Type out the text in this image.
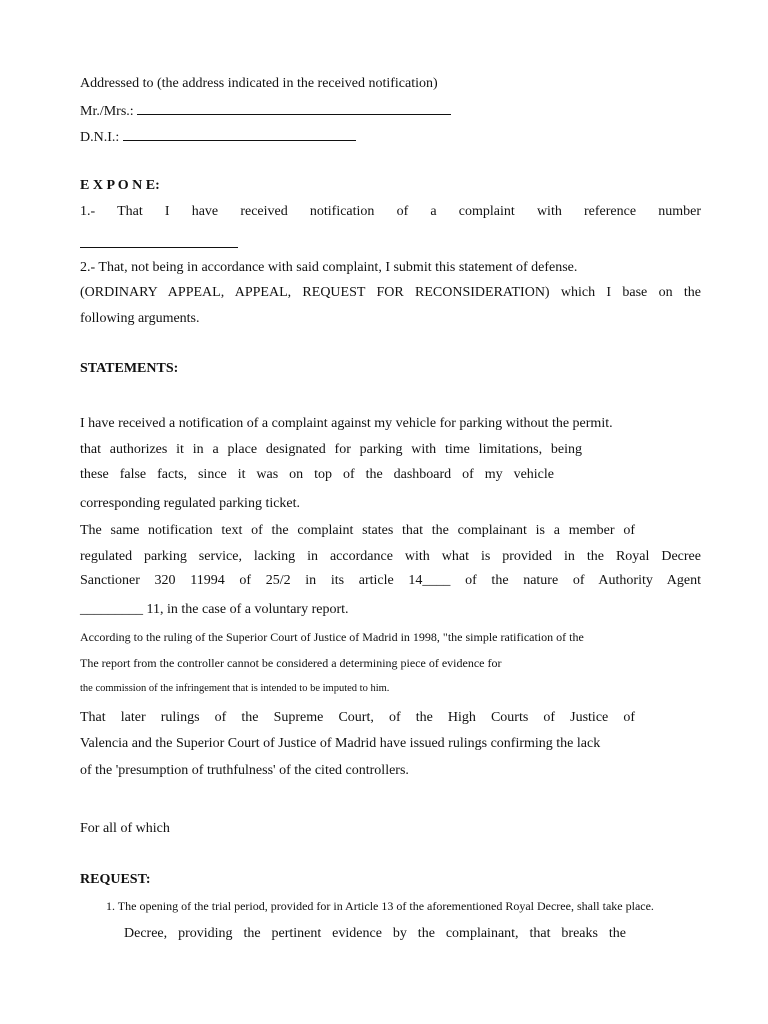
Addressed to (the address indicated in the received notification)
Mr./Mrs.:
D.N.I.:
E X P O N E:
1.- That I have received notification of a complaint with reference number
2.- That, not being in accordance with said complaint, I submit this statement of defense.
(ORDINARY APPEAL, APPEAL, REQUEST FOR RECONSIDERATION) which I base on the
following arguments.
STATEMENTS:
I have received a notification of a complaint against my vehicle for parking without the permit.
that authorizes it in a place designated for parking with time limitations, being
these false facts, since it was on top of the dashboard of my vehicle
corresponding regulated parking ticket.
The same notification text of the complaint states that the complainant is a member of
regulated parking service, lacking in accordance with what is provided in the Royal Decree
Sanctioner 320 11994 of 25/2 in its article 14____ of the nature of Authority Agent
_________ 11, in the case of a voluntary report.
According to the ruling of the Superior Court of Justice of Madrid in 1998, "the simple ratification of the
The report from the controller cannot be considered a determining piece of evidence for
the commission of the infringement that is intended to be imputed to him.
That later rulings of the Supreme Court, of the High Courts of Justice of
Valencia and the Superior Court of Justice of Madrid have issued rulings confirming the lack
of the 'presumption of truthfulness' of the cited controllers.
For all of which
REQUEST:
1. The opening of the trial period, provided for in Article 13 of the aforementioned Royal Decree, shall take place.
Decree, providing the pertinent evidence by the complainant, that breaks the
